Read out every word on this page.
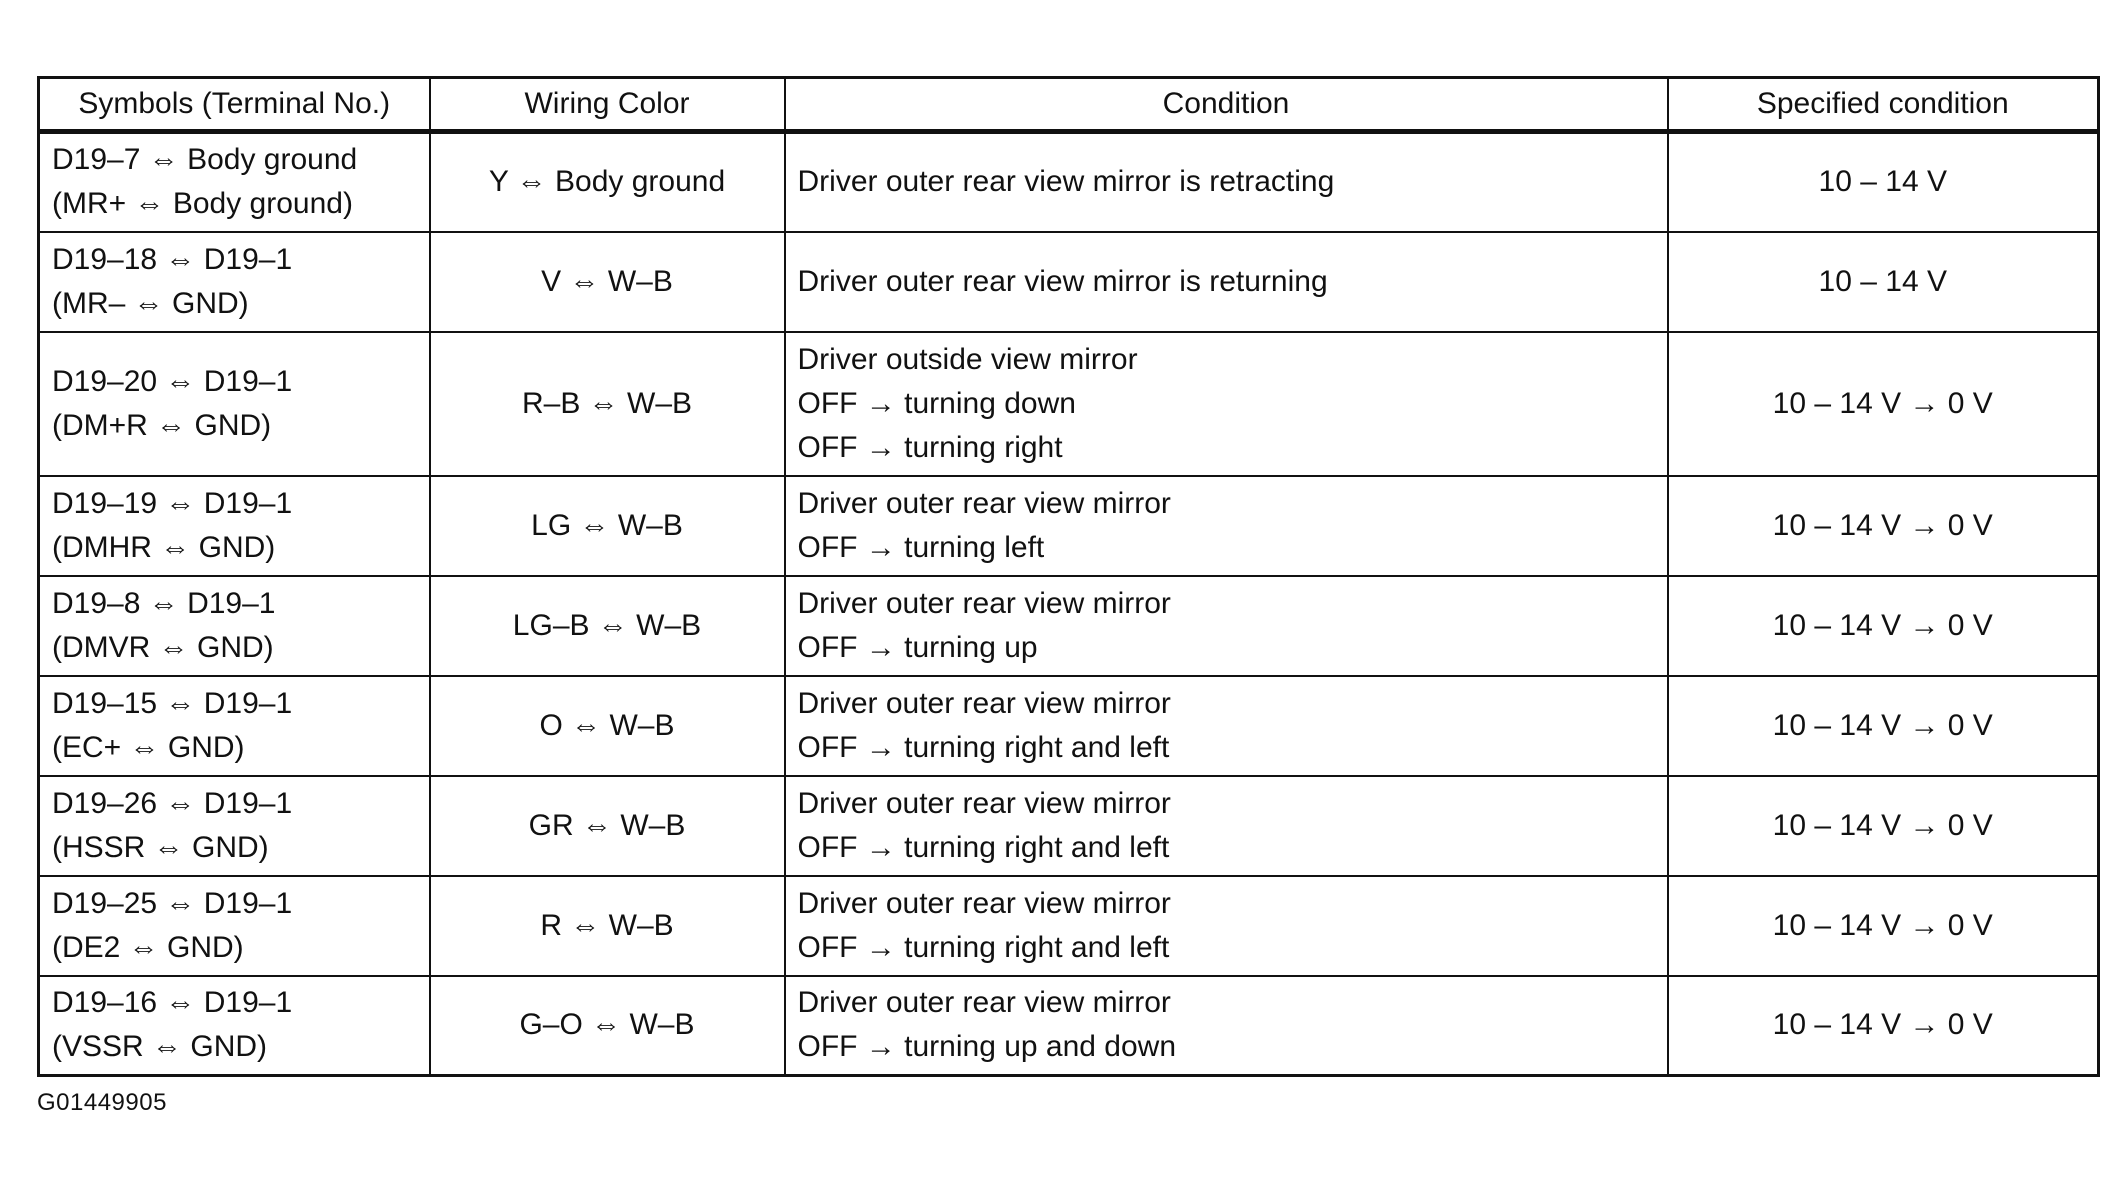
Symbols (Terminal No.)	Wiring Color	Condition	Specified condition

D19–7 ⇔ Body ground
(MR+ ⇔ Body ground)	Y ⇔ Body ground	Driver outer rear view mirror is retracting	10 – 14 V

D19–18 ⇔ D19–1
(MR– ⇔ GND)	V ⇔ W–B	Driver outer rear view mirror is returning	10 – 14 V

D19–20 ⇔ D19–1
(DM+R ⇔ GND)	R–B ⇔ W–B	Driver outside view mirror
OFF → turning down
OFF → turning right	10 – 14 V → 0 V

D19–19 ⇔ D19–1
(DMHR ⇔ GND)	LG ⇔ W–B	Driver outer rear view mirror
OFF → turning left	10 – 14 V → 0 V

D19–8 ⇔ D19–1
(DMVR ⇔ GND)	LG–B ⇔ W–B	Driver outer rear view mirror
OFF → turning up	10 – 14 V → 0 V

D19–15 ⇔ D19–1
(EC+ ⇔ GND)	O ⇔ W–B	Driver outer rear view mirror
OFF → turning right and left	10 – 14 V → 0 V

D19–26 ⇔ D19–1
(HSSR ⇔ GND)	GR ⇔ W–B	Driver outer rear view mirror
OFF → turning right and left	10 – 14 V → 0 V

D19–25 ⇔ D19–1
(DE2 ⇔ GND)	R ⇔ W–B	Driver outer rear view mirror
OFF → turning right and left	10 – 14 V → 0 V

D19–16 ⇔ D19–1
(VSSR ⇔ GND)	G–O ⇔ W–B	Driver outer rear view mirror
OFF → turning up and down	10 – 14 V → 0 V
G01449905
